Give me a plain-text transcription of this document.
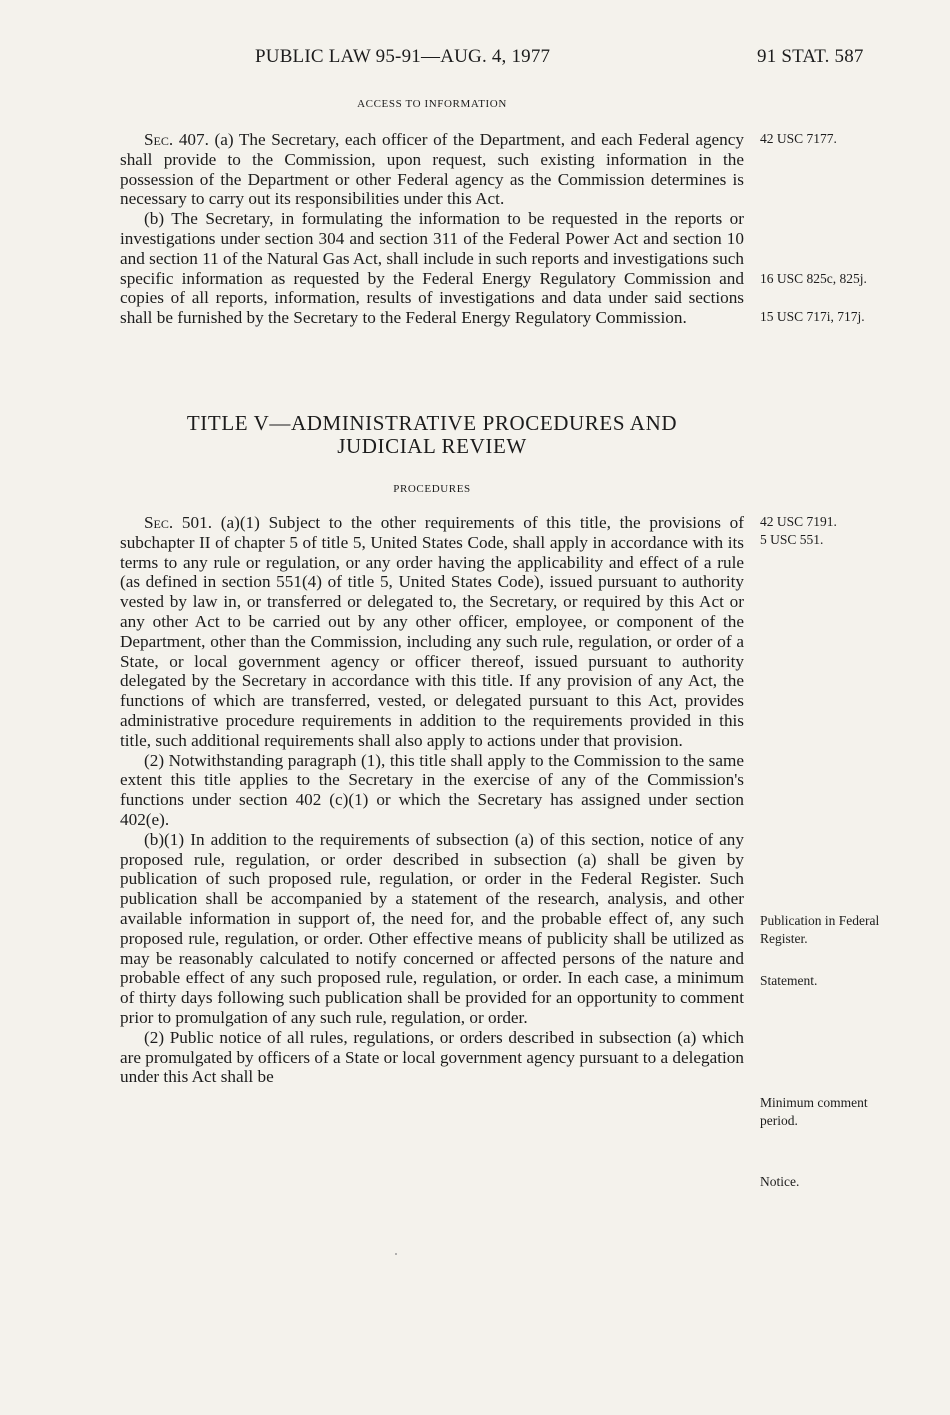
PUBLIC LAW 95-91—AUG. 4, 1977	91 STAT. 587
ACCESS TO INFORMATION

Sec. 407. (a) The Secretary, each officer of the Department, and each Federal agency shall provide to the Commission, upon request, such existing information in the possession of the Department or other Federal agency as the Commission determines is necessary to carry out its responsibilities under this Act.

(b) The Secretary, in formulating the information to be requested in the reports or investigations under section 304 and section 311 of the Federal Power Act and section 10 and section 11 of the Natural Gas Act, shall include in such reports and investigations such specific information as requested by the Federal Energy Regulatory Commission and copies of all reports, information, results of investigations and data under said sections shall be furnished by the Secretary to the Federal Energy Regulatory Commission.

42 USC 7177.
16 USC 825c, 825j.
15 USC 717i, 717j.
TITLE V—ADMINISTRATIVE PROCEDURES AND
JUDICIAL REVIEW
PROCEDURES

Sec. 501. (a)(1) Subject to the other requirements of this title, the provisions of subchapter II of chapter 5 of title 5, United States Code, shall apply in accordance with its terms to any rule or regulation, or any order having the applicability and effect of a rule (as defined in section 551(4) of title 5, United States Code), issued pursuant to authority vested by law in, or transferred or delegated to, the Secretary, or required by this Act or any other Act to be carried out by any other officer, employee, or component of the Department, other than the Commission, including any such rule, regulation, or order of a State, or local government agency or officer thereof, issued pursuant to authority delegated by the Secretary in accordance with this title. If any provision of any Act, the functions of which are transferred, vested, or delegated pursuant to this Act, provides administrative procedure requirements in addition to the requirements provided in this title, such additional requirements shall also apply to actions under that provision.

(2) Notwithstanding paragraph (1), this title shall apply to the Commission to the same extent this title applies to the Secretary in the exercise of any of the Commission's functions under section 402 (c)(1) or which the Secretary has assigned under section 402(e).

(b)(1) In addition to the requirements of subsection (a) of this section, notice of any proposed rule, regulation, or order described in subsection (a) shall be given by publication of such proposed rule, regulation, or order in the Federal Register. Such publication shall be accompanied by a statement of the research, analysis, and other available information in support of, the need for, and the probable effect of, any such proposed rule, regulation, or order. Other effective means of publicity shall be utilized as may be reasonably calculated to notify concerned or affected persons of the nature and probable effect of any such proposed rule, regulation, or order. In each case, a minimum of thirty days following such publication shall be provided for an opportunity to comment prior to promulgation of any such rule, regulation, or order.

(2) Public notice of all rules, regulations, or orders described in subsection (a) which are promulgated by officers of a State or local government agency pursuant to a delegation under this Act shall be

42 USC 7191.
5 USC 551.
Publication in Federal Register.
Statement.
Minimum comment period.
Notice.
